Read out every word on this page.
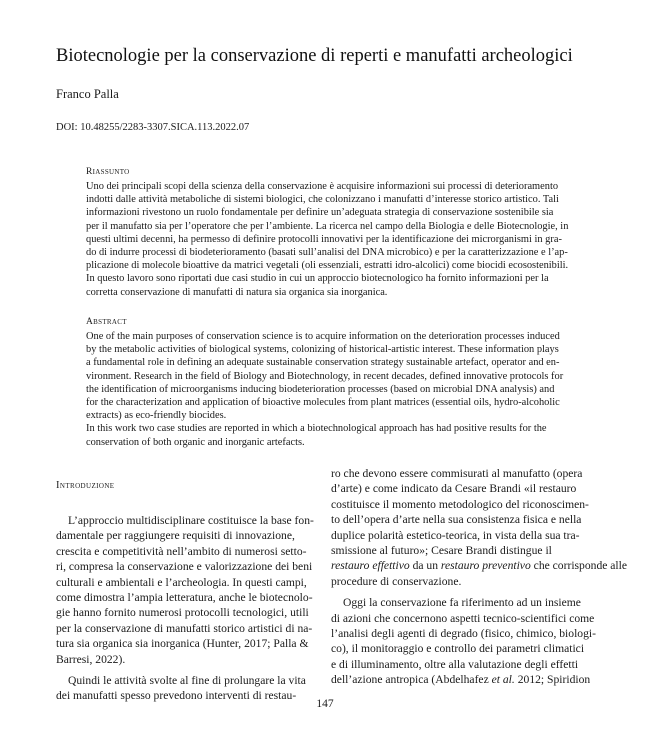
Biotecnologie per la conservazione di reperti e manufatti archeologici
Franco Palla
DOI: 10.48255/2283-3307.SICA.113.2022.07
Riassunto

Uno dei principali scopi della scienza della conservazione è acquisire informazioni sui processi di deterioramento
indotti dalle attività metaboliche di sistemi biologici, che colonizzano i manufatti d’interesse storico artistico. Tali
informazioni rivestono un ruolo fondamentale per definire un’adeguata strategia di conservazione sostenibile sia
per il manufatto sia per l’operatore che per l’ambiente. La ricerca nel campo della Biologia e delle Biotecnologie, in
questi ultimi decenni, ha permesso di definire protocolli innovativi per la identificazione dei microrganismi in gra-
do di indurre processi di biodeterioramento (basati sull’analisi del DNA microbico) e per la caratterizzazione e l’ap-
plicazione di molecole bioattive da matrici vegetali (oli essenziali, estratti idro-alcolici) come biocidi ecosostenibili.
In questo lavoro sono riportati due casi studio in cui un approccio biotecnologico ha fornito informazioni per la
corretta conservazione di manufatti di natura sia organica sia inorganica.

Abstract

One of the main purposes of conservation science is to acquire information on the deterioration processes induced
by the metabolic activities of biological systems, colonizing of historical-artistic interest. These information plays
a fundamental role in defining an adequate sustainable conservation strategy sustainable artefact, operator and en-
vironment. Research in the field of Biology and Biotechnology, in recent decades, defined innovative protocols for
the identification of microorganisms inducing biodeterioration processes (based on microbial DNA analysis) and
for the characterization and application of bioactive molecules from plant matrices (essential oils, hydro-alcoholic
extracts) as eco-friendly biocides.
In this work two case studies are reported in which a biotechnological approach has had positive results for the
conservation of both organic and inorganic artefacts.

Introduzione
L’approccio multidisciplinare costituisce la base fon-
damentale per raggiungere requisiti di innovazione,
crescita e competitività nell’ambito di numerosi setto-
ri, compresa la conservazione e valorizzazione dei beni
culturali e ambientali e l’archeologia. In questi campi,
come dimostra l’ampia letteratura, anche le biotecnolo-
gie hanno fornito numerosi protocolli tecnologici, utili
per la conservazione di manufatti storico artistici di na-
tura sia organica sia inorganica (Hunter, 2017; Palla &
Barresi, 2022).
Quindi le attività svolte al fine di prolungare la vita
dei manufatti spesso prevedono interventi di restau-
ro che devono essere commisurati al manufatto (opera
d’arte) e come indicato da Cesare Brandi «il restauro
costituisce il momento metodologico del riconoscimen-
to dell’opera d’arte nella sua consistenza fisica e nella
duplice polarità estetico-teorica, in vista della sua tra-
smissione al futuro»; Cesare Brandi distingue il
restauro effettivo da un restauro preventivo che corrisponde alle
procedure di conservazione.
Oggi la conservazione fa riferimento ad un insieme
di azioni che concernono aspetti tecnico-scientifici come
l’analisi degli agenti di degrado (fisico, chimico, biologi-
co), il monitoraggio e controllo dei parametri climatici
e di illuminamento, oltre alla valutazione degli effetti
dell’azione antropica (Abdelhafez et al. 2012; Spiridion
147
